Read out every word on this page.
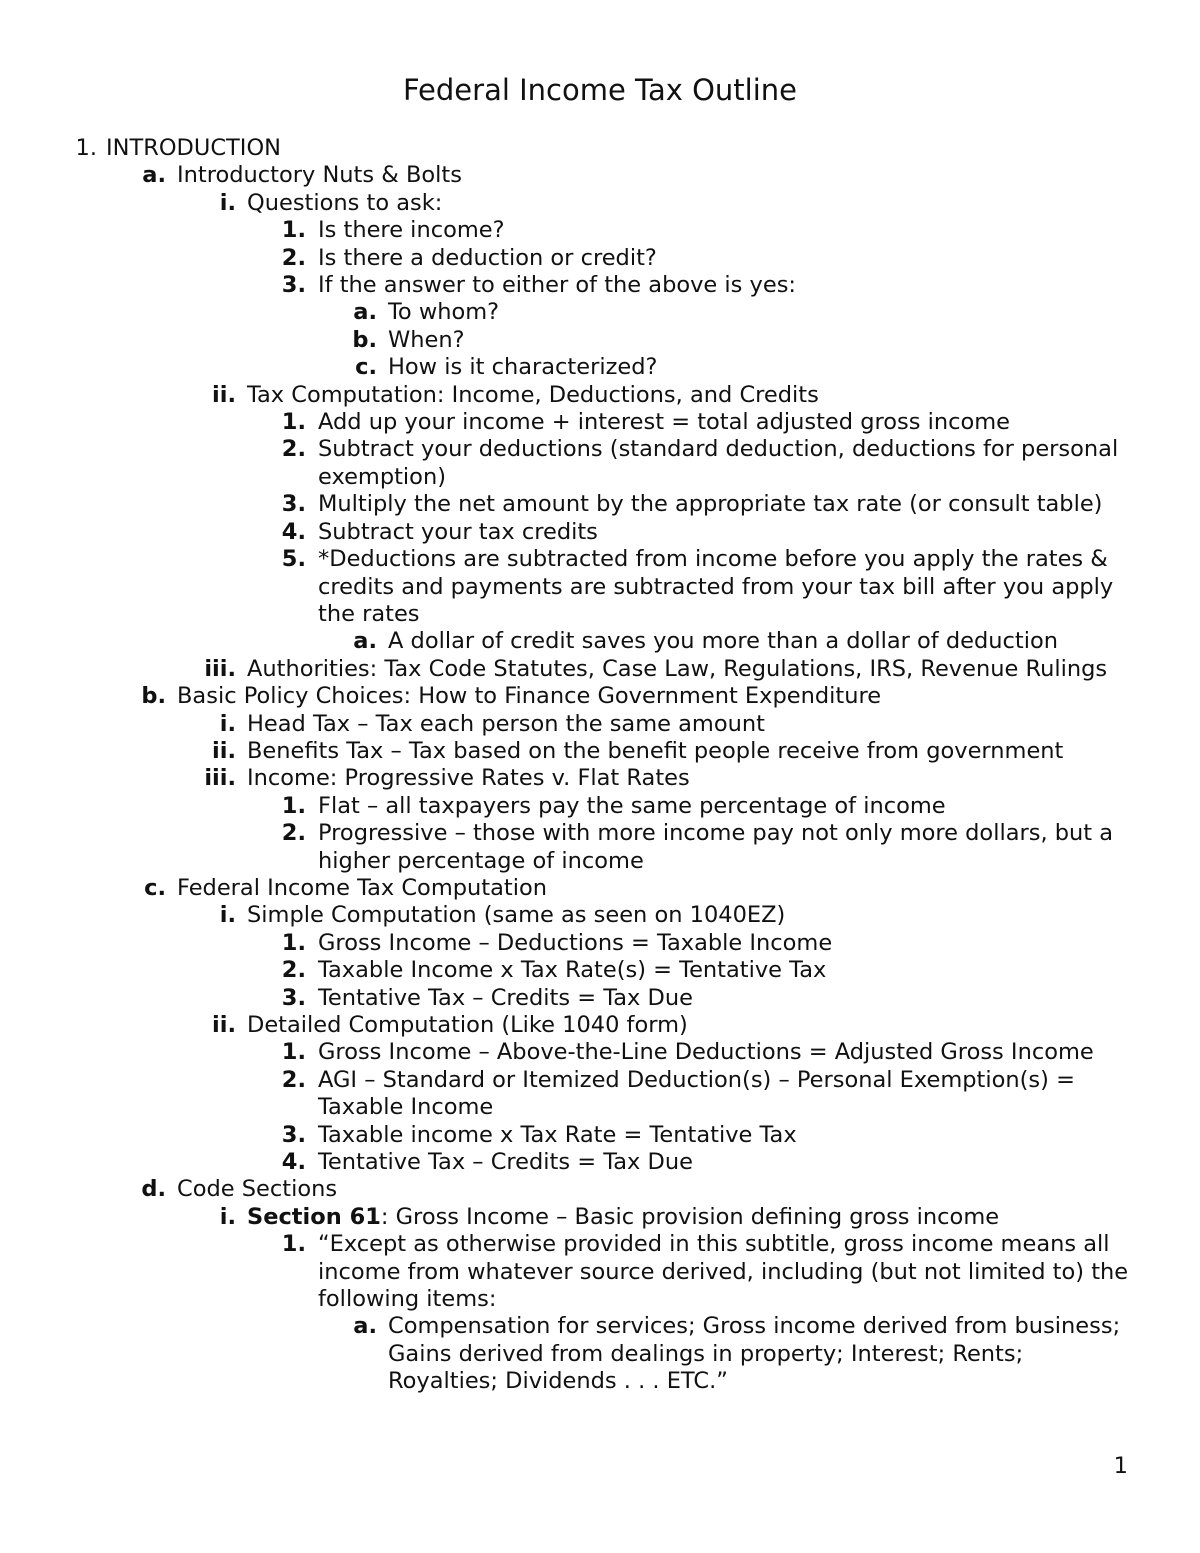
Federal Income Tax Outline
1. INTRODUCTION
a. Introductory Nuts & Bolts
i. Questions to ask:
1. Is there income?
2. Is there a deduction or credit?
3. If the answer to either of the above is yes:
a. To whom?
b. When?
c. How is it characterized?
ii. Tax Computation: Income, Deductions, and Credits
1. Add up your income + interest = total adjusted gross income
2. Subtract your deductions (standard deduction, deductions for personal exemption)
3. Multiply the net amount by the appropriate tax rate (or consult table)
4. Subtract your tax credits
5. *Deductions are subtracted from income before you apply the rates & credits and payments are subtracted from your tax bill after you apply the rates
a. A dollar of credit saves you more than a dollar of deduction
iii. Authorities: Tax Code Statutes, Case Law, Regulations, IRS, Revenue Rulings
b. Basic Policy Choices: How to Finance Government Expenditure
i. Head Tax – Tax each person the same amount
ii. Benefits Tax – Tax based on the benefit people receive from government
iii. Income: Progressive Rates v. Flat Rates
1. Flat – all taxpayers pay the same percentage of income
2. Progressive – those with more income pay not only more dollars, but a higher percentage of income
c. Federal Income Tax Computation
i. Simple Computation (same as seen on 1040EZ)
1. Gross Income – Deductions = Taxable Income
2. Taxable Income x Tax Rate(s) = Tentative Tax
3. Tentative Tax – Credits = Tax Due
ii. Detailed Computation (Like 1040 form)
1. Gross Income – Above-the-Line Deductions = Adjusted Gross Income
2. AGI – Standard or Itemized Deduction(s) – Personal Exemption(s) = Taxable Income
3. Taxable income x Tax Rate = Tentative Tax
4. Tentative Tax – Credits = Tax Due
d. Code Sections
i. Section 61: Gross Income – Basic provision defining gross income
1. “Except as otherwise provided in this subtitle, gross income means all income from whatever source derived, including (but not limited to) the following items:
a. Compensation for services; Gross income derived from business; Gains derived from dealings in property; Interest; Rents; Royalties; Dividends . . . ETC.”
1
